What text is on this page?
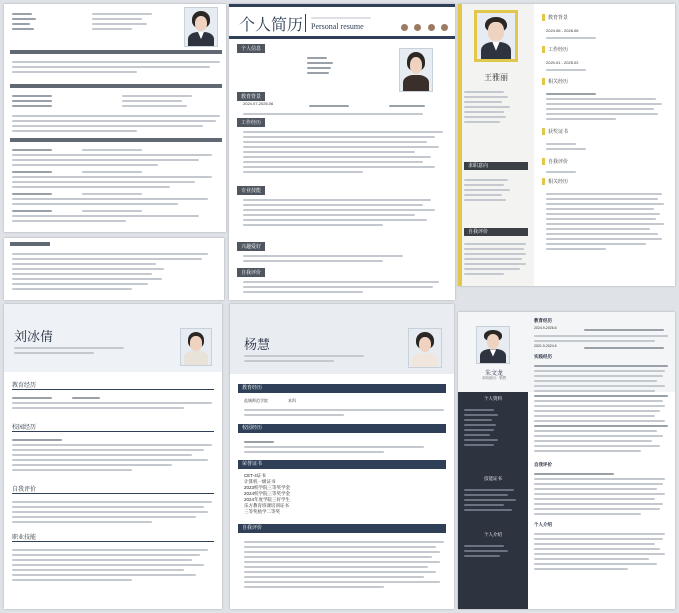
个人简历 Personal resume

个人信息
教育背景
2024.07-2026.06
工作经历
专业技能
兴趣爱好
自我评价
王雅丽
求职意向
自我评价
教育背景
2024.06 - 2026.06
工作经历
2020.01 - 2025.02
相关经历
获奖证书
自我评价
相关经历
刘冰倩
教育经历
校园经历
自我评价
职业技能
杨慧
教育经历
盐城师范学院	本科
校园经历
荣誉证书
CET-4证书
计算机一级证书
2023校学院三等奖学金
2024校学院三等奖学金
2024年度学院三好学生
乐方教育班课培训证书
三等奖励学二等奖
自我评价
朱文龙
求职意向：销售
个人资料
技能证书
个人介绍
教育经历
2024.9-2026.6
2021.9-2024.6
实践经历
自我评价
个人介绍
